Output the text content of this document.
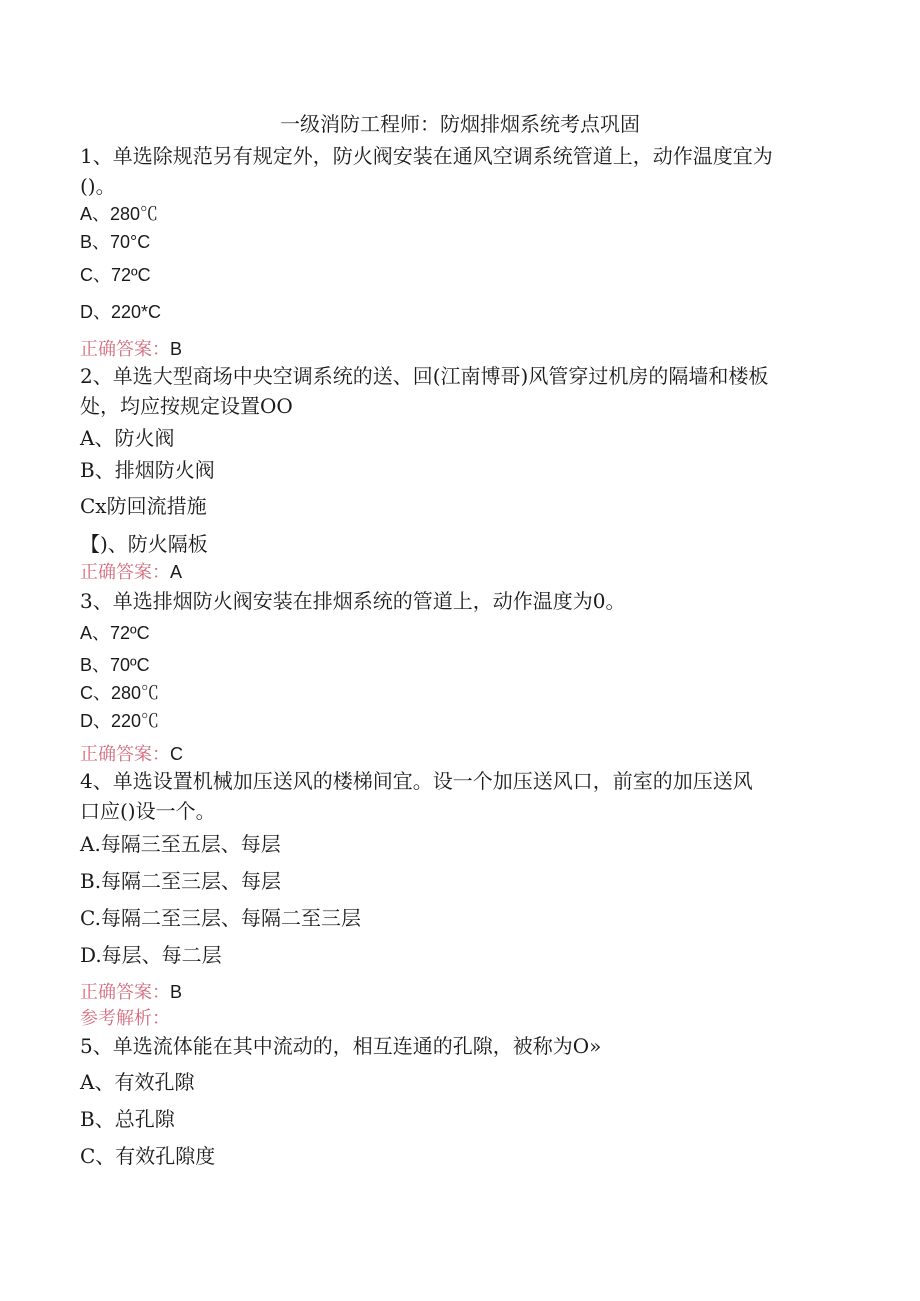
一级消防工程师：防烟排烟系统考点巩固

1、单选除规范另有规定外，防火阀安装在通风空调系统管道上，动作温度宜为

()。

A、280℃

B、70°C

C、72ºC

D、220*C

正确答案：B

2、单选大型商场中央空调系统的送、回(江南博哥)风管穿过机房的隔墙和楼板

处，均应按规定设置OO

A、防火阀

B、排烟防火阀

Cx防回流措施

【)、防火隔板

正确答案：A

3、单选排烟防火阀安装在排烟系统的管道上，动作温度为0。

A、72ºC

B、70ºC

C、280℃

D、220℃

正确答案：C

4、单选设置机械加压送风的楼梯间宜。设一个加压送风口，前室的加压送风

口应()设一个。

A.每隔三至五层、每层

B.每隔二至三层、每层

C.每隔二至三层、每隔二至三层

D.每层、每二层

正确答案：B

参考解析：

5、单选流体能在其中流动的，相互连通的孔隙，被称为O»

A、有效孔隙

B、总孔隙

C、有效孔隙度
